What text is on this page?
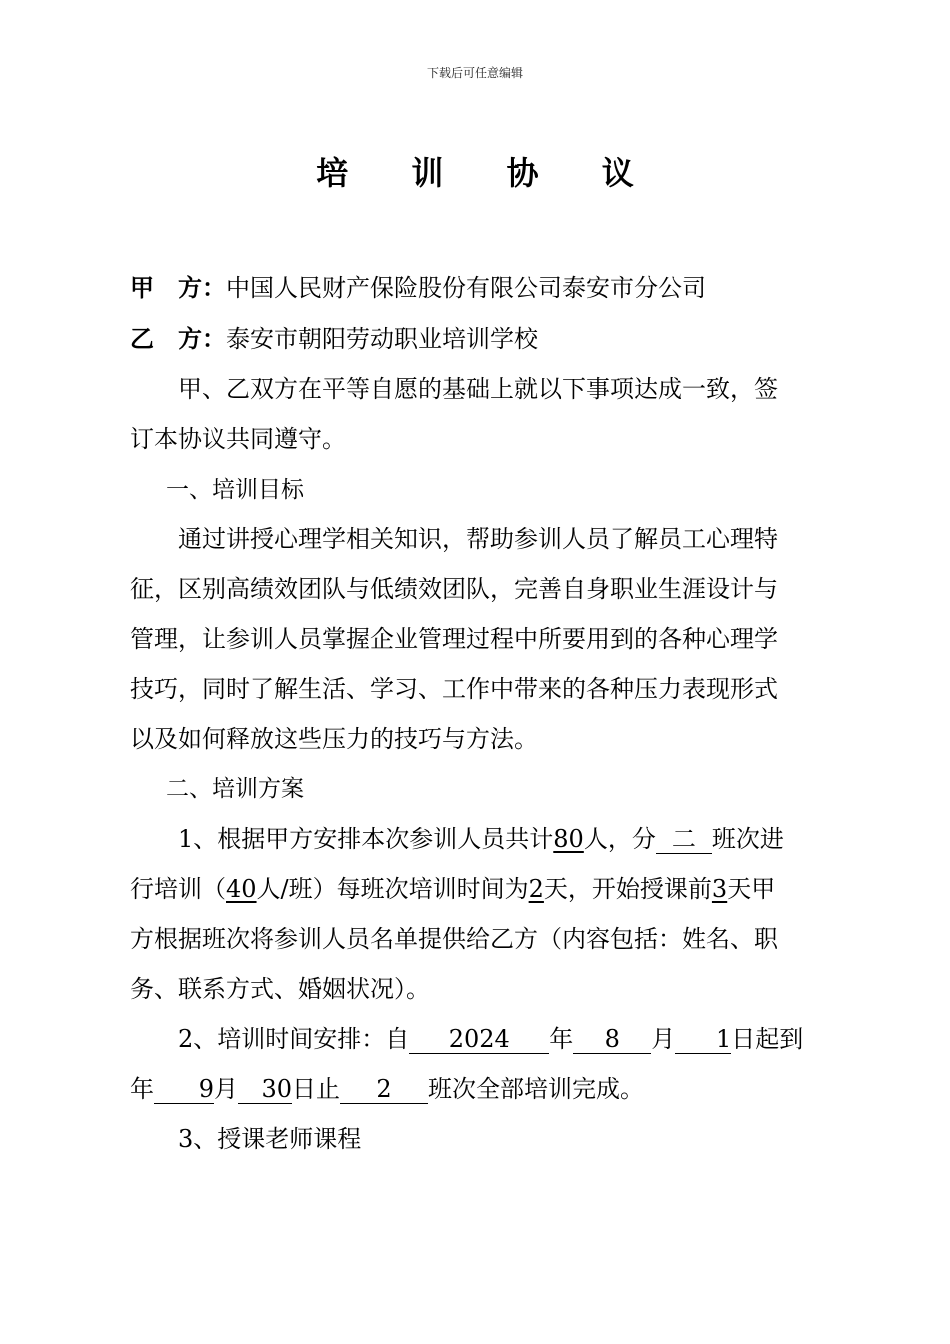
下载后可任意编辑
培 训 协 议
甲　方：中国人民财产保险股份有限公司泰安市分公司
乙　方：泰安市朝阳劳动职业培训学校
甲、乙双方在平等自愿的基础上就以下事项达成一致，签
订本协议共同遵守。
一、培训目标
通过讲授心理学相关知识，帮助参训人员了解员工心理特
征，区别高绩效团队与低绩效团队，完善自身职业生涯设计与
管理，让参训人员掌握企业管理过程中所要用到的各种心理学
技巧，同时了解生活、学习、工作中带来的各种压力表现形式
以及如何释放这些压力的技巧与方法。
二、培训方案
1、根据甲方安排本次参训人员共计80人，分 二 班次进
行培训（40人/班）每班次培训时间为2天，开始授课前3天甲
方根据班次将参训人员名单提供给乙方（内容包括：姓名、职
务、联系方式、婚姻状况）。
2、培训时间安排：自 2024 年 8 月 1日起到
年 9月 30日止 2 班次全部培训完成。
3、授课老师课程
